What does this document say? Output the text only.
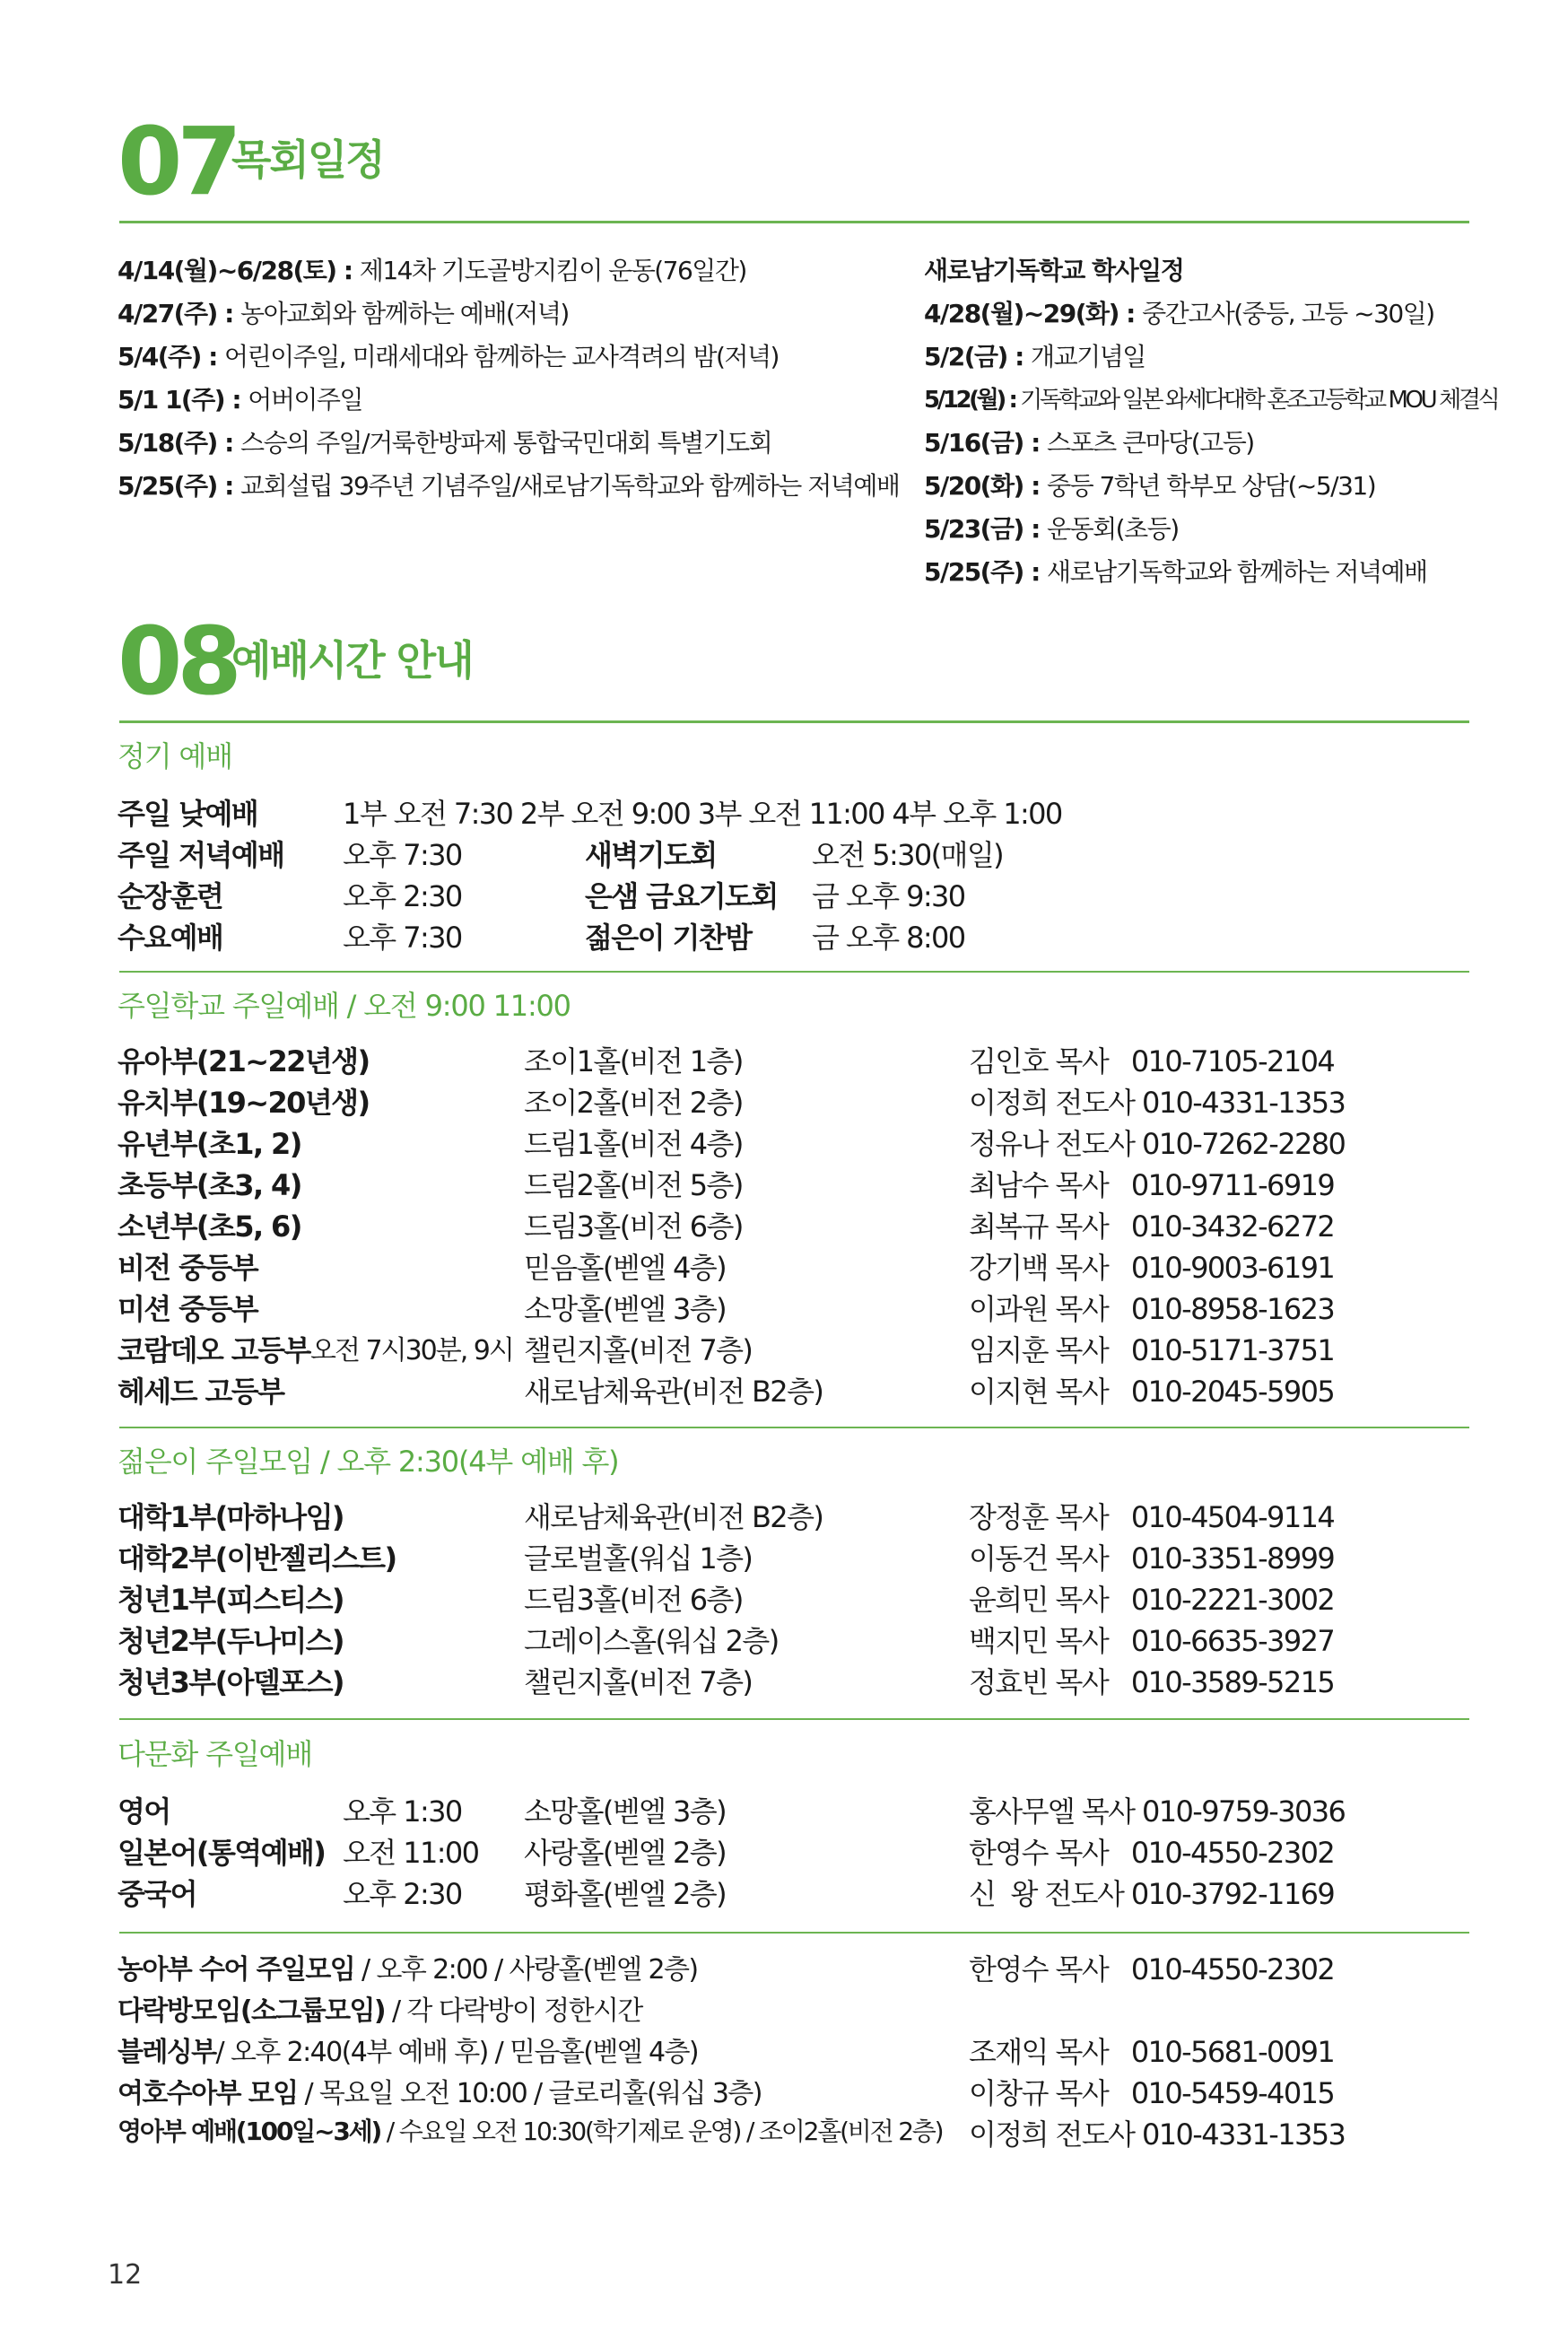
07
목회일정
4/14(월)~6/28(토) : 제14차 기도골방지킴이 운동(76일간)
4/27(주) : 농아교회와 함께하는 예배(저녁)
5/4(주) : 어린이주일, 미래세대와 함께하는 교사격려의 밤(저녁)
5/1 1(주) : 어버이주일
5/18(주) : 스승의 주일/거룩한방파제 통합국민대회 특별기도회
5/25(주) : 교회설립 39주년 기념주일/새로남기독학교와 함께하는 저녁예배
새로남기독학교 학사일정
4/28(월)~29(화) : 중간고사(중등, 고등 ~30일)
5/2(금) : 개교기념일
5/12(월) : 기독학교와 일본 와세다대학 혼조고등학교 MOU 체결식
5/16(금) : 스포츠 큰마당(고등)
5/20(화) : 중등 7학년 학부모 상담(~5/31)
5/23(금) : 운동회(초등)
5/25(주) : 새로남기독학교와 함께하는 저녁예배
08
예배시간 안내
정기 예배
주일 낮예배	1부 오전 7:30 2부 오전 9:00 3부 오전 11:00 4부 오후 1:00
주일 저녁예배 오후 7:30	새벽기도회	오전 5:30(매일)
순장훈련	오후 2:30	은샘 금요기도회 금 오후 9:30
수요예배	오후 7:30	젊은이 기찬밤 금 오후 8:00
주일학교 주일예배 / 오전 9:00 11:00
유아부(21~22년생)	조이1홀(비전 1층)	김인호 목사   010-7105-2104
유치부(19~20년생)	조이2홀(비전 2층)	이정희 전도사 010-4331-1353
유년부(초1, 2)	드림1홀(비전 4층)	정유나 전도사 010-7262-2280
초등부(초3, 4)	드림2홀(비전 5층)	최남수 목사   010-9711-6919
소년부(초5, 6)	드림3홀(비전 6층)	최복규 목사   010-3432-6272
비전 중등부	믿음홀(벧엘 4층)	강기백 목사   010-9003-6191
미션 중등부	소망홀(벧엘 3층)	이과원 목사   010-8958-1623
코람데오 고등부 오전 7시30분, 9시 챌린지홀(비전 7층)	임지훈 목사   010-5171-3751
헤세드 고등부	새로남체육관(비전 B2층)	이지현 목사   010-2045-5905
젊은이 주일모임 / 오후 2:30(4부 예배 후)
대학1부(마하나임)	새로남체육관(비전 B2층)	장정훈 목사   010-4504-9114
대학2부(이반젤리스트)	글로벌홀(워십 1층)	이동건 목사   010-3351-8999
청년1부(피스티스)	드림3홀(비전 6층)	윤희민 목사   010-2221-3002
청년2부(두나미스)	그레이스홀(워십 2층)	백지민 목사   010-6635-3927
청년3부(아델포스)	챌린지홀(비전 7층)	정효빈 목사   010-3589-5215
다문화 주일예배
영어	오후 1:30 소망홀(벧엘 3층)	홍사무엘 목사 010-9759-3036
일본어(통역예배) 오전 11:00 사랑홀(벧엘 2층)	한영수 목사   010-4550-2302
중국어	오후 2:30 평화홀(벧엘 2층)	신  왕 전도사 010-3792-1169
농아부 수어 주일모임 / 오후 2:00 / 사랑홀(벧엘 2층)	한영수 목사   010-4550-2302
다락방모임(소그룹모임) / 각 다락방이 정한시간
블레싱부/ 오후 2:40(4부 예배 후) / 믿음홀(벧엘 4층)	조재익 목사   010-5681-0091
여호수아부 모임 / 목요일 오전 10:00 / 글로리홀(워십 3층)	이창규 목사   010-5459-4015
영아부 예배(100일~3세) / 수요일 오전 10:30(학기제로 운영) / 조이2홀(비전 2층) 이정희 전도사 010-4331-1353
12
